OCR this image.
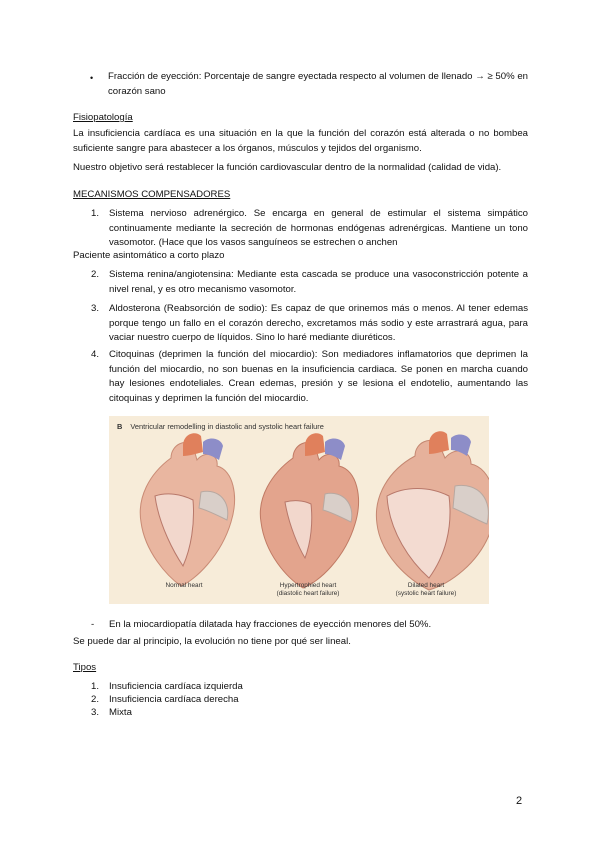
• Fracción de eyección: Porcentaje de sangre eyectada respecto al volumen de llenado → ≥ 50% en corazón sano

Fisiopatología

La insuficiencia cardíaca es una situación en la que la función del corazón está alterada o no bombea suficiente sangre para abastecer a los órganos, músculos y tejidos del organismo.

Nuestro objetivo será restablecer la función cardiovascular dentro de la normalidad (calidad de vida).

MECANISMOS COMPENSADORES

1. Sistema nervioso adrenérgico. Se encarga en general de estimular el sistema simpático continuamente mediante la secreción de hormonas endógenas adrenérgicas. Mantiene un tono vasomotor. (Hace que los vasos sanguíneos se estrechen o anchen

Paciente asintomático a corto plazo

2. Sistema renina/angiotensina: Mediante esta cascada se produce una vasoconstricción potente a nivel renal, y es otro mecanismo vasomotor.

3. Aldosterona (Reabsorción de sodio): Es capaz de que orinemos más o menos. Al tener edemas porque tengo un fallo en el corazón derecho, excretamos más sodio y este arrastrará agua, para vaciar nuestro cuerpo de líquidos. Sino lo haré mediante diuréticos.

4. Citoquinas (deprimen la función del miocardio): Son mediadores inflamatorios que deprimen la función del miocardio, no son buenas en la insuficiencia cardiaca. Se ponen en marcha cuando hay lesiones endoteliales. Crean edemas, presión y se lesiona el endotelio, aumentando las citoquinas y deprimen la función del miocardio.

B Ventricular remodelling in diastolic and systolic heart failure
Normal heart	Hypertrophied heart
(diastolic heart failure)
Dilated heart
(systolic heart failure)
- En la miocardiopatía dilatada hay fracciones de eyección menores del 50%.

Se puede dar al principio, la evolución no tiene por qué ser lineal.

Tipos

1. Insuficiencia cardíaca izquierda

2. Insuficiencia cardíaca derecha

3. Mixta

2
